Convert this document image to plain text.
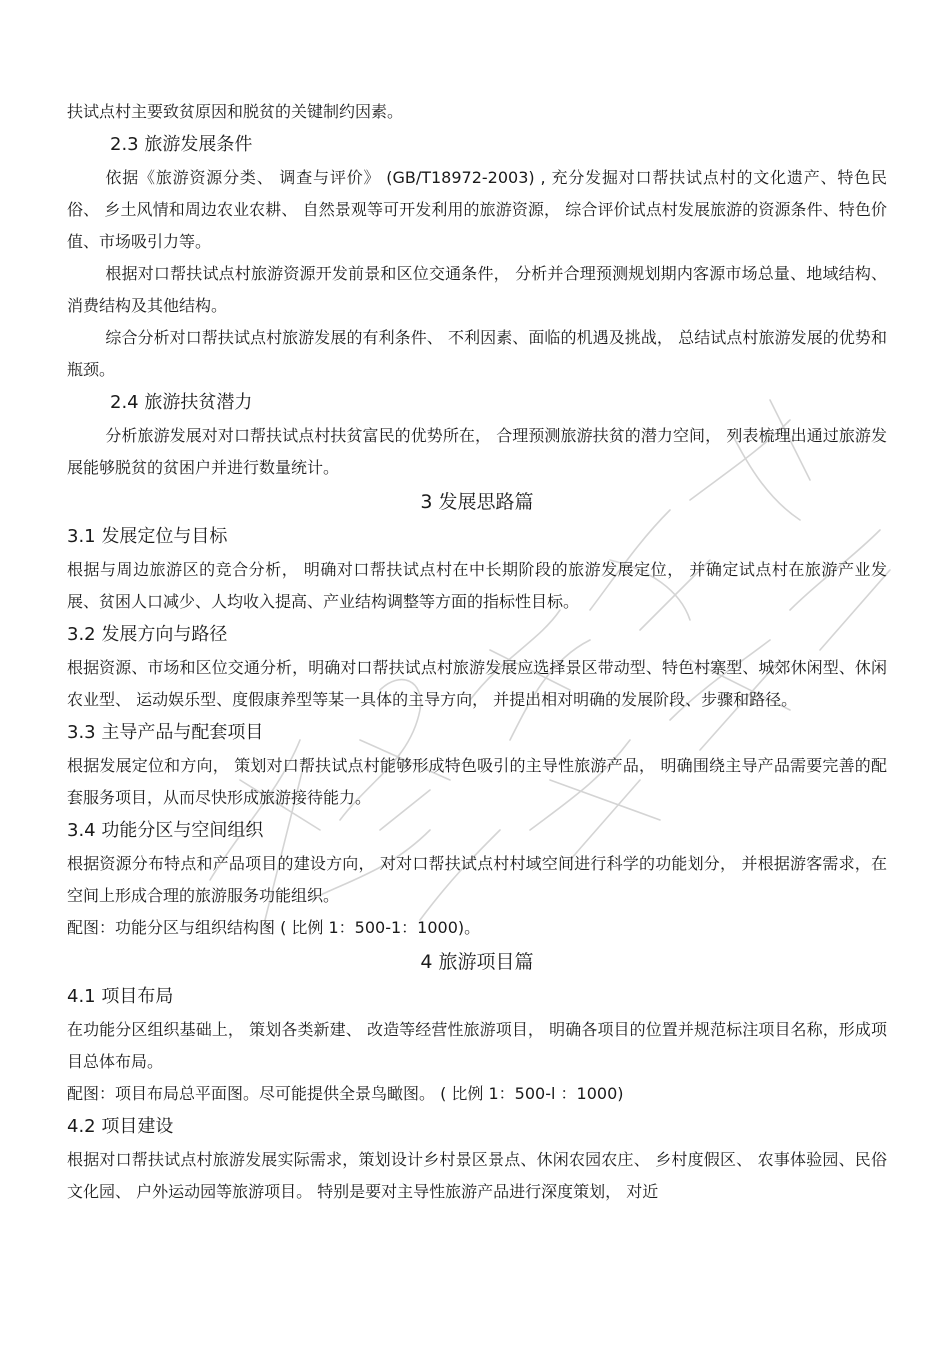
扶试点村主要致贫原因和脱贫的关键制约因素。

2.3 旅游发展条件

依据《旅游资源分类、 调查与评价》 (GB/T18972-2003) , 充分发掘对口帮扶试点村的文化遗产、特色民俗、 乡土风情和周边农业农耕、 自然景观等可开发利用的旅游资源， 综合评价试点村发展旅游的资源条件、特色价值、市场吸引力等。

根据对口帮扶试点村旅游资源开发前景和区位交通条件， 分析并合理预测规划期内客源市场总量、地域结构、消费结构及其他结构。

综合分析对口帮扶试点村旅游发展的有利条件、 不利因素、面临的机遇及挑战， 总结试点村旅游发展的优势和瓶颈。

2.4 旅游扶贫潜力

分析旅游发展对对口帮扶试点村扶贫富民的优势所在， 合理预测旅游扶贫的潜力空间， 列表梳理出通过旅游发展能够脱贫的贫困户并进行数量统计。

3 发展思路篇

3.1 发展定位与目标

根据与周边旅游区的竞合分析， 明确对口帮扶试点村在中长期阶段的旅游发展定位， 并确定试点村在旅游产业发展、贫困人口减少、人均收入提高、产业结构调整等方面的指标性目标。

3.2 发展方向与路径

根据资源、市场和区位交通分析，明确对口帮扶试点村旅游发展应选择景区带动型、特色村寨型、城郊休闲型、休闲农业型、 运动娱乐型、度假康养型等某一具体的主导方向， 并提出相对明确的发展阶段、步骤和路径。

3.3 主导产品与配套项目

根据发展定位和方向， 策划对口帮扶试点村能够形成特色吸引的主导性旅游产品， 明确围绕主导产品需要完善的配套服务项目，从而尽快形成旅游接待能力。

3.4 功能分区与空间组织

根据资源分布特点和产品项目的建设方向， 对对口帮扶试点村村域空间进行科学的功能划分， 并根据游客需求，在空间上形成合理的旅游服务功能组织。

配图：功能分区与组织结构图 ( 比例 1：500-1：1000)。

4 旅游项目篇

4.1 项目布局

在功能分区组织基础上， 策划各类新建、 改造等经营性旅游项目， 明确各项目的位置并规范标注项目名称，形成项目总体布局。

配图：项目布局总平面图。尽可能提供全景鸟瞰图。 ( 比例 1：500-l ：1000)

4.2 项目建设

根据对口帮扶试点村旅游发展实际需求，策划设计乡村景区景点、休闲农园农庄、 乡村度假区、 农事体验园、民俗文化园、 户外运动园等旅游项目。 特别是要对主导性旅游产品进行深度策划， 对近
